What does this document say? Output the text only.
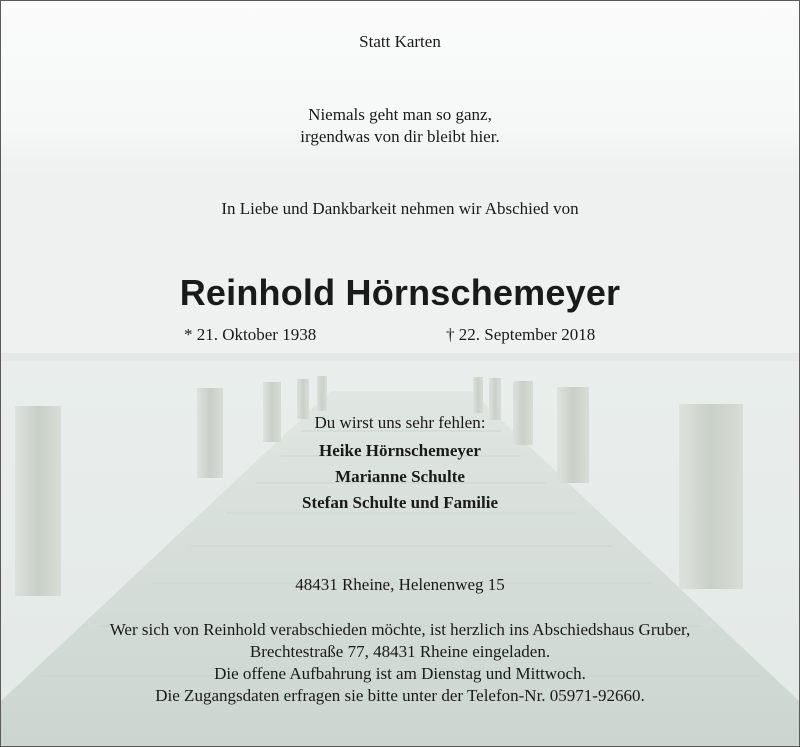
Statt Karten
Niemals geht man so ganz,
irgendwas von dir bleibt hier.
In Liebe und Dankbarkeit nehmen wir Abschied von
Reinhold Hörnschemeyer
* 21. Oktober 1938	† 22. September 2018
Du wirst uns sehr fehlen:
Heike Hörnschemeyer
Marianne Schulte
Stefan Schulte und Familie
48431 Rheine, Helenenweg 15
Wer sich von Reinhold verabschieden möchte, ist herzlich ins Abschiedshaus Gruber,
Brechtestraße 77, 48431 Rheine eingeladen.
Die offene Aufbahrung ist am Dienstag und Mittwoch.
Die Zugangsdaten erfragen sie bitte unter der Telefon-Nr. 05971-92660.
